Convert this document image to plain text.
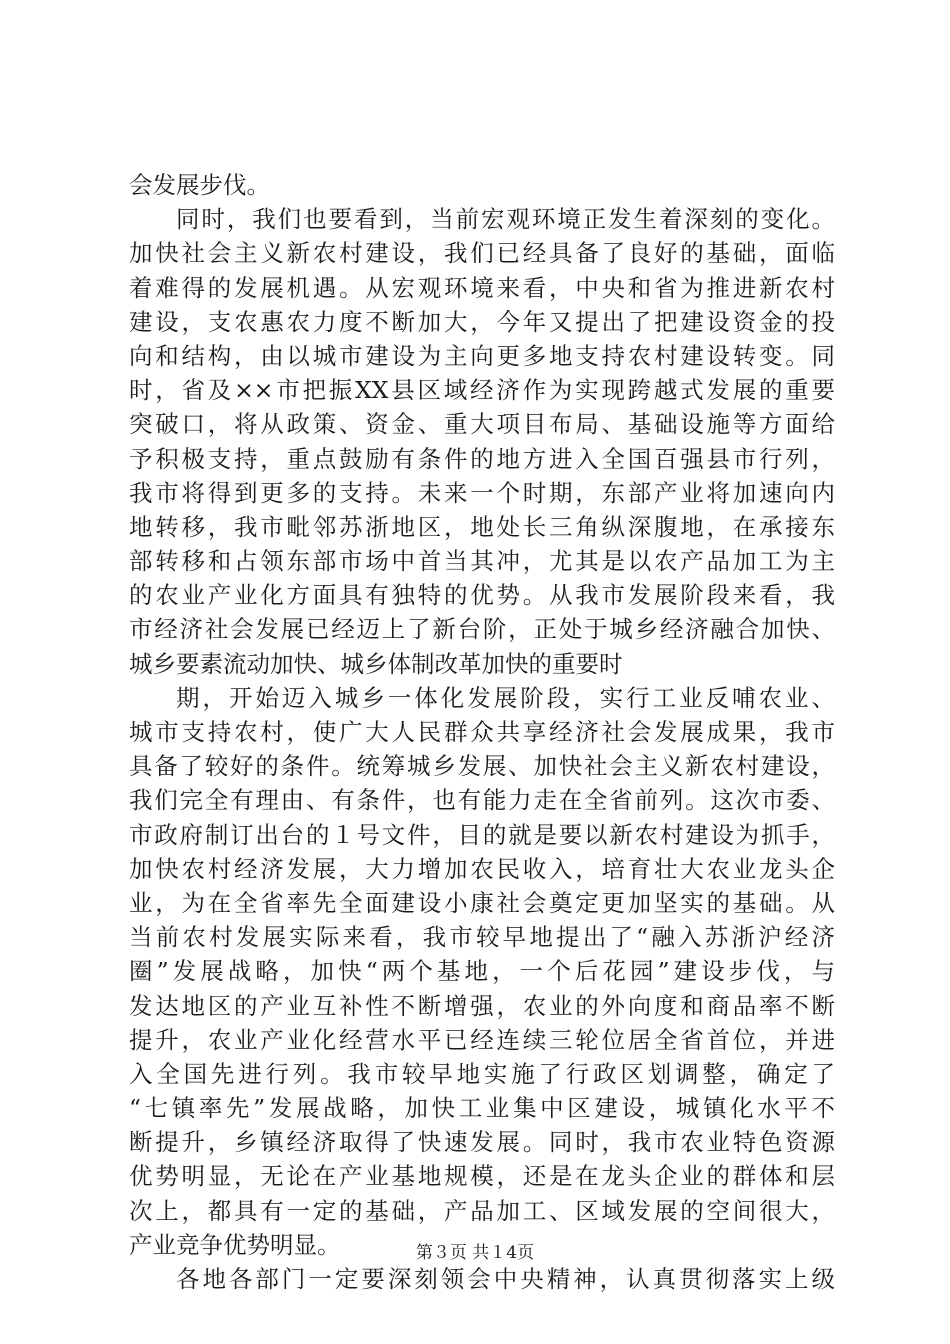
会发展步伐。
同时，我们也要看到，当前宏观环境正发生着深刻的变化。
加快社会主义新农村建设，我们已经具备了良好的基础，面临
着难得的发展机遇。从宏观环境来看，中央和省为推进新农村
建设，支农惠农力度不断加大，今年又提出了把建设资金的投
向和结构，由以城市建设为主向更多地支持农村建设转变。同
时，省及××市把振XX县区域经济作为实现跨越式发展的重要
突破口，将从政策、资金、重大项目布局、基础设施等方面给
予积极支持，重点鼓励有条件的地方进入全国百强县市行列，
我市将得到更多的支持。未来一个时期，东部产业将加速向内
地转移，我市毗邻苏浙地区，地处长三角纵深腹地，在承接东
部转移和占领东部市场中首当其冲，尤其是以农产品加工为主
的农业产业化方面具有独特的优势。从我市发展阶段来看，我
市经济社会发展已经迈上了新台阶，正处于城乡经济融合加快、
城乡要素流动加快、城乡体制改革加快的重要时
期，开始迈入城乡一体化发展阶段，实行工业反哺农业、
城市支持农村，使广大人民群众共享经济社会发展成果，我市
具备了较好的条件。统筹城乡发展、加快社会主义新农村建设，
我们完全有理由、有条件，也有能力走在全省前列。这次市委、
市政府制订出台的１号文件，目的就是要以新农村建设为抓手，
加快农村经济发展，大力增加农民收入，培育壮大农业龙头企
业，为在全省率先全面建设小康社会奠定更加坚实的基础。从
当前农村发展实际来看，我市较早地提出了“融入苏浙沪经济
圈”发展战略，加快“两个基地，一个后花园”建设步伐，与
发达地区的产业互补性不断增强，农业的外向度和商品率不断
提升，农业产业化经营水平已经连续三轮位居全省首位，并进
入全国先进行列。我市较早地实施了行政区划调整，确定了
“七镇率先”发展战略，加快工业集中区建设，城镇化水平不
断提升，乡镇经济取得了快速发展。同时，我市农业特色资源
优势明显，无论在产业基地规模，还是在龙头企业的群体和层
次上，都具有一定的基础，产品加工、区域发展的空间很大，
产业竞争优势明显。
各地各部门一定要深刻领会中央精神，认真贯彻落实上级
第３页 共１4页
